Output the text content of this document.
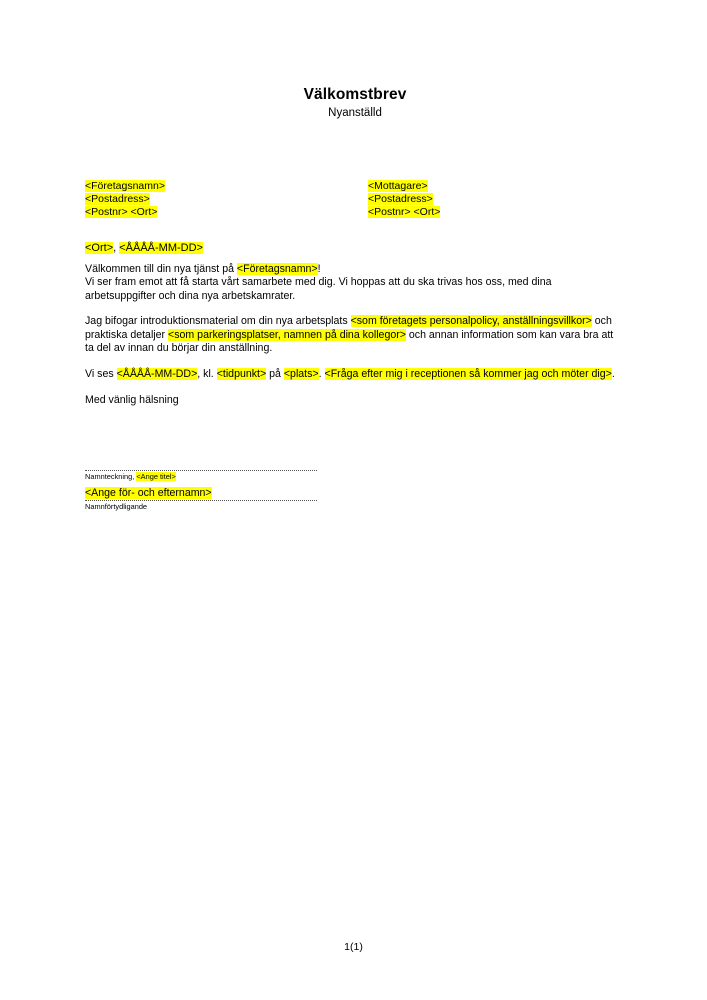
Välkomstbrev
Nyanställd
<Företagsnamn>
<Postadress>
<Postnr> <Ort>
<Mottagare>
<Postadress>
<Postnr> <Ort>
<Ort>, <ÅÅÅÅ-MM-DD>

Välkommen till din nya tjänst på <Företagsnamn>!
Vi ser fram emot att få starta vårt samarbete med dig. Vi hoppas att du ska trivas hos oss, med dina arbetsuppgifter och dina nya arbetskamrater.

Jag bifogar introduktionsmaterial om din nya arbetsplats <som företagets personalpolicy, anställningsvillkor> och praktiska detaljer <som parkeringsplatser, namnen på dina kollegor> och annan information som kan vara bra att ta del av innan du börjar din anställning.

Vi ses <ÅÅÅÅ-MM-DD>, kl. <tidpunkt> på <plats>. <Fråga efter mig i receptionen så kommer jag och möter dig>.

Med vänlig hälsning

Namnteckning, <Ange titel>
<Ange för- och efternamn>
Namnförtydligande
1(1)
